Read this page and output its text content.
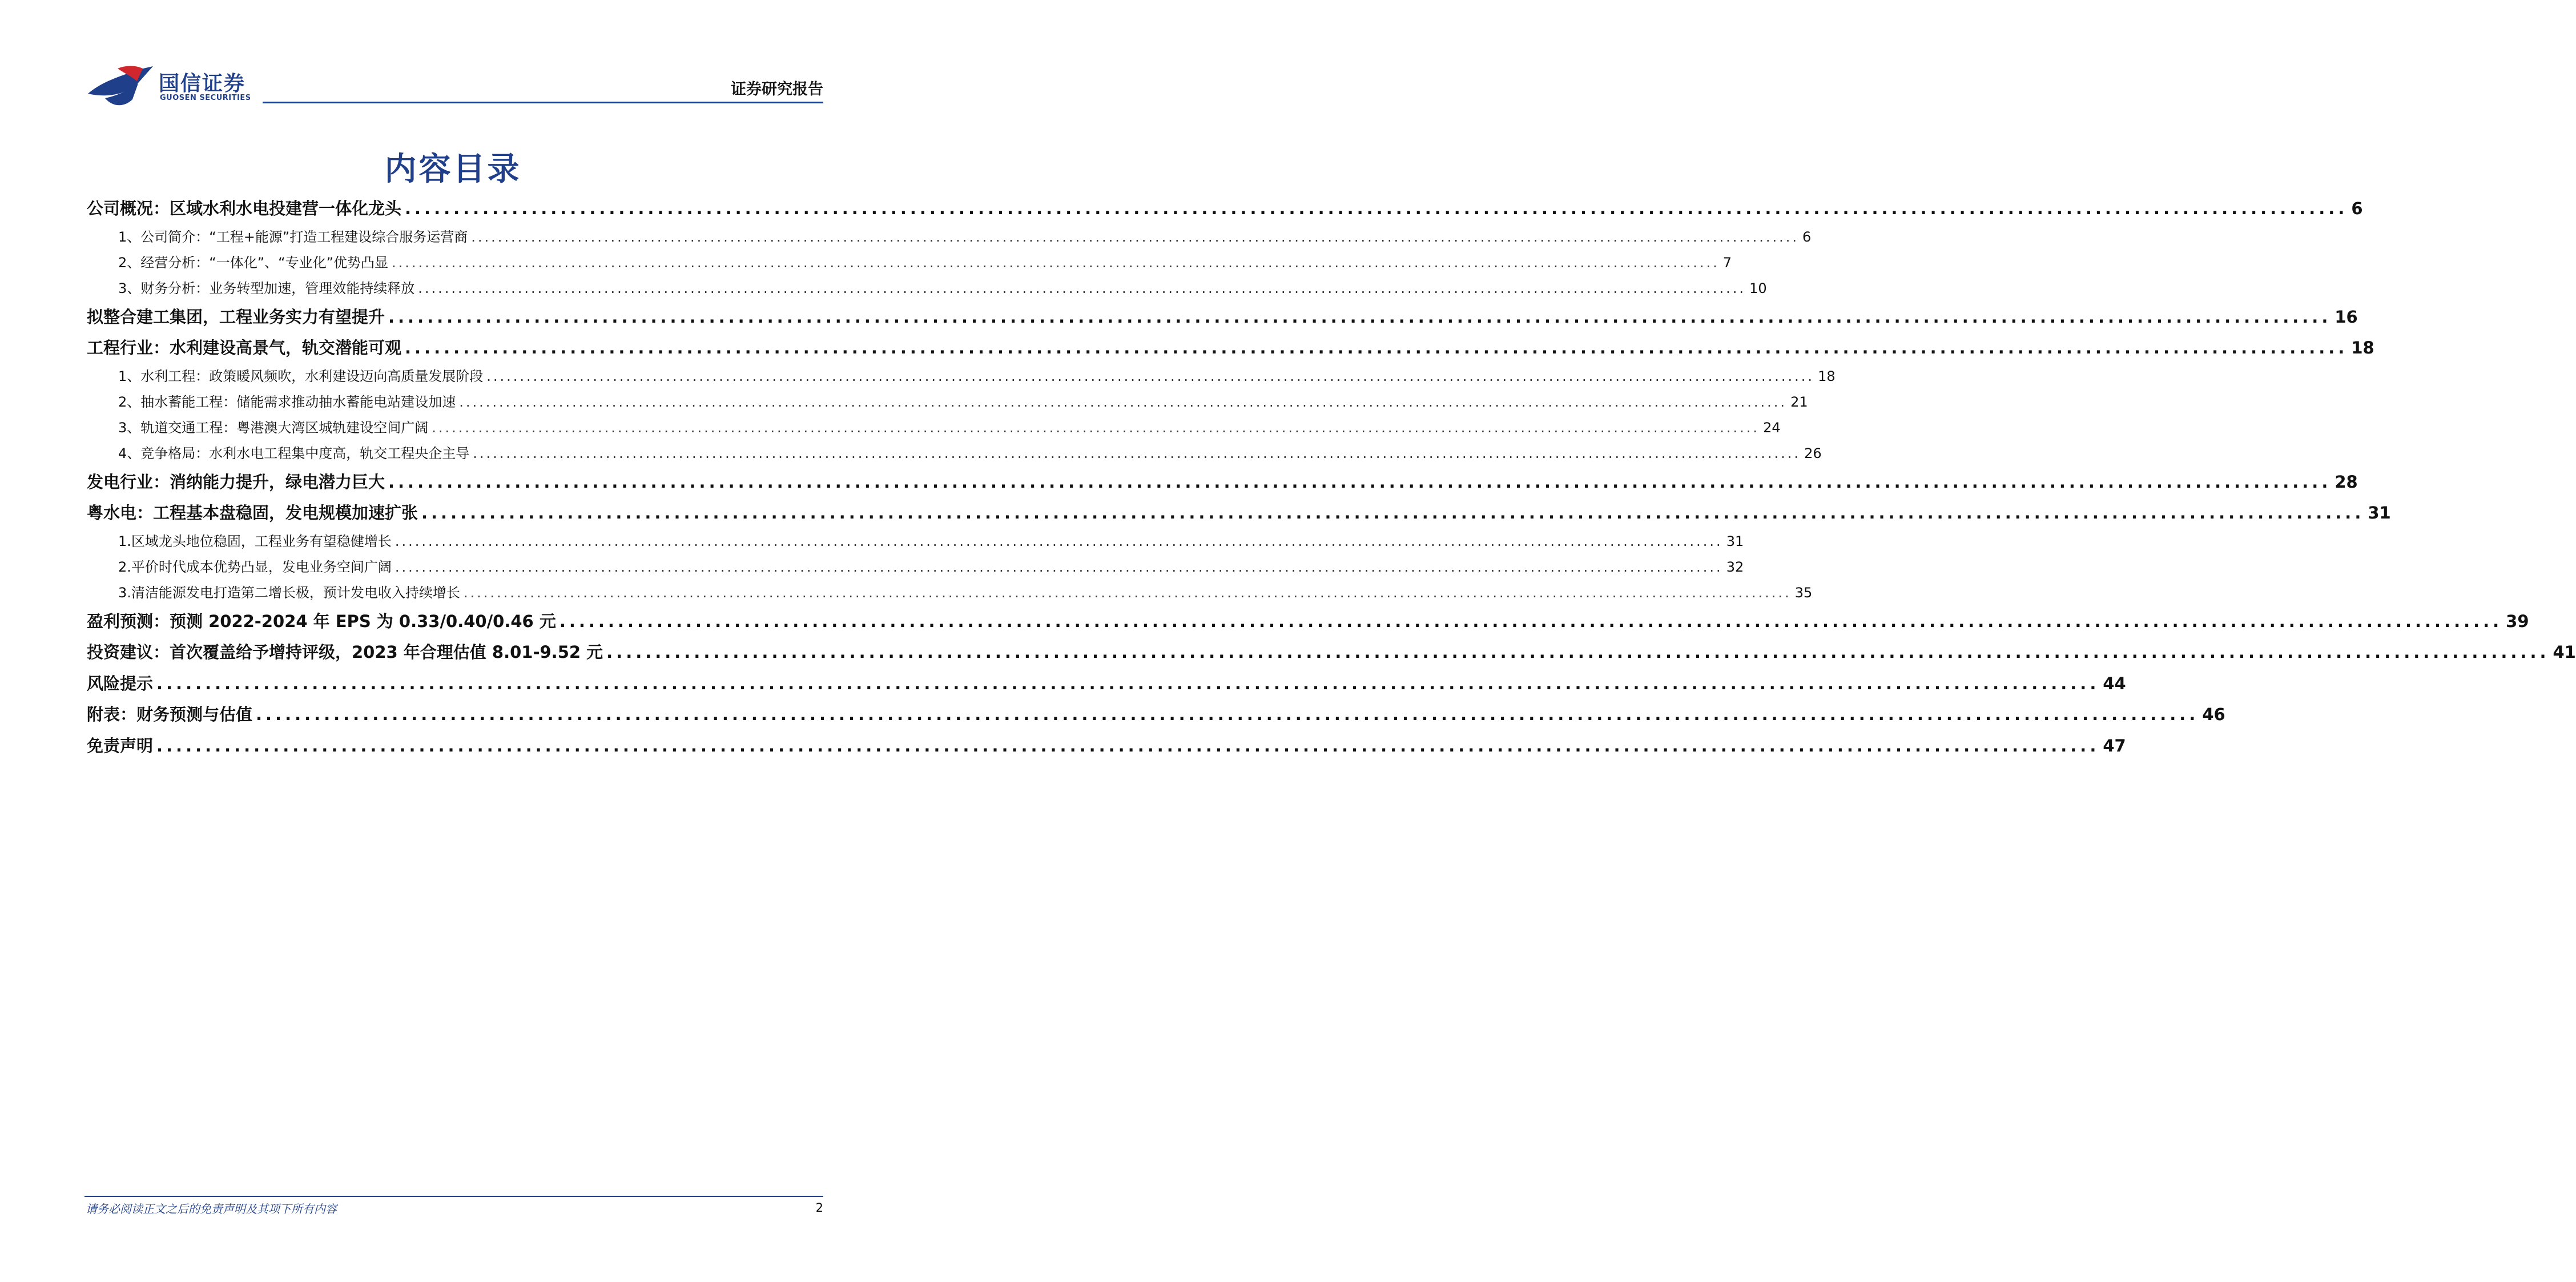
国信证券
GUOSEN SECURITIES	证券研究报告
内容目录
公司概况：区域水利水电投建营一体化龙头 ........................................................................................................................................................................................................ 6
1、公司简介：“工程+能源”打造工程建设综合服务运营商 ........................................................................................................................................................................................................ 6
2、经营分析：“一体化”、“专业化”优势凸显 ........................................................................................................................................................................................................ 7
3、财务分析：业务转型加速，管理效能持续释放 ........................................................................................................................................................................................................ 10
拟整合建工集团，工程业务实力有望提升 ........................................................................................................................................................................................................ 16
工程行业：水利建设高景气，轨交潜能可观 ........................................................................................................................................................................................................ 18
1、水利工程：政策暖风频吹，水利建设迈向高质量发展阶段 ........................................................................................................................................................................................................ 18
2、抽水蓄能工程：储能需求推动抽水蓄能电站建设加速 ........................................................................................................................................................................................................ 21
3、轨道交通工程：粤港澳大湾区城轨建设空间广阔 ........................................................................................................................................................................................................ 24
4、竞争格局：水利水电工程集中度高，轨交工程央企主导 ........................................................................................................................................................................................................ 26
发电行业：消纳能力提升，绿电潜力巨大 ........................................................................................................................................................................................................ 28
粤水电：工程基本盘稳固，发电规模加速扩张 ........................................................................................................................................................................................................ 31
1.区域龙头地位稳固，工程业务有望稳健增长 ........................................................................................................................................................................................................ 31
2.平价时代成本优势凸显，发电业务空间广阔 ........................................................................................................................................................................................................ 32
3.清洁能源发电打造第二增长极，预计发电收入持续增长 ........................................................................................................................................................................................................ 35
盈利预测：预测 2022-2024 年 EPS 为 0.33/0.40/0.46 元 ........................................................................................................................................................................................................ 39
投资建议：首次覆盖给予增持评级，2023 年合理估值 8.01-9.52 元 ........................................................................................................................................................................................................ 41
风险提示 ........................................................................................................................................................................................................ 44
附表：财务预测与估值 ........................................................................................................................................................................................................ 46
免责声明 ........................................................................................................................................................................................................ 47
请务必阅读正文之后的免责声明及其项下所有内容	2
